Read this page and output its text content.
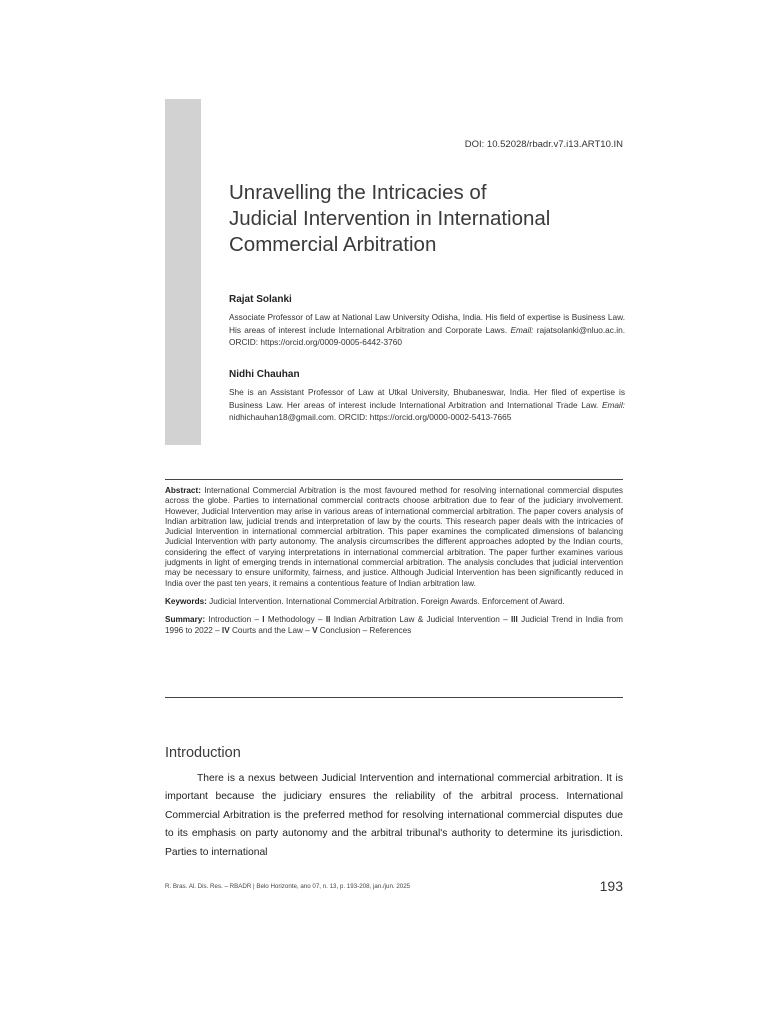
DOI: 10.52028/rbadr.v7.i13.ART10.IN
Unravelling the Intricacies of
Judicial Intervention in International
Commercial Arbitration

Rajat Solanki

Associate Professor of Law at National Law University Odisha, India. His field of expertise is Business Law. His areas of interest include International Arbitration and Corporate Laws. Email: rajatsolanki@nluo.ac.in. ORCID: https://orcid.org/0009-0005-6442-3760

Nidhi Chauhan

She is an Assistant Professor of Law at Utkal University, Bhubaneswar, India. Her filed of expertise is Business Law. Her areas of interest include International Arbitration and International Trade Law. Email: nidhichauhan18@gmail.com. ORCID: https://orcid.org/0000-0002-5413-7665

Abstract: International Commercial Arbitration is the most favoured method for resolving international commercial disputes across the globe. Parties to international commercial contracts choose arbitration due to fear of the judiciary involvement. However, Judicial Intervention may arise in various areas of international commercial arbitration. The paper covers analysis of Indian arbitration law, judicial trends and interpretation of law by the courts. This research paper deals with the intricacies of Judicial Intervention in international commercial arbitration. This paper examines the complicated dimensions of balancing Judicial Intervention with party autonomy. The analysis circumscribes the different approaches adopted by the Indian courts, considering the effect of varying interpretations in international commercial arbitration. The paper further examines various judgments in light of emerging trends in international commercial arbitration. The analysis concludes that judicial intervention may be necessary to ensure uniformity, fairness, and justice. Although Judicial Intervention has been significantly reduced in India over the past ten years, it remains a contentious feature of Indian arbitration law.

Keywords: Judicial Intervention. International Commercial Arbitration. Foreign Awards. Enforcement of Award.

Summary: Introduction – I Methodology – II Indian Arbitration Law & Judicial Intervention – III Judicial Trend in India from 1996 to 2022 – IV Courts and the Law – V Conclusion – References

Introduction

There is a nexus between Judicial Intervention and international commercial arbitration. It is important because the judiciary ensures the reliability of the arbitral process. International Commercial Arbitration is the preferred method for resolving international commercial disputes due to its emphasis on party autonomy and the arbitral tribunal's authority to determine its jurisdiction. Parties to international

R. Bras. Al. Dis. Res. – RBADR | Belo Horizonte, ano 07, n. 13, p. 193-208, jan./jun. 2025	193
